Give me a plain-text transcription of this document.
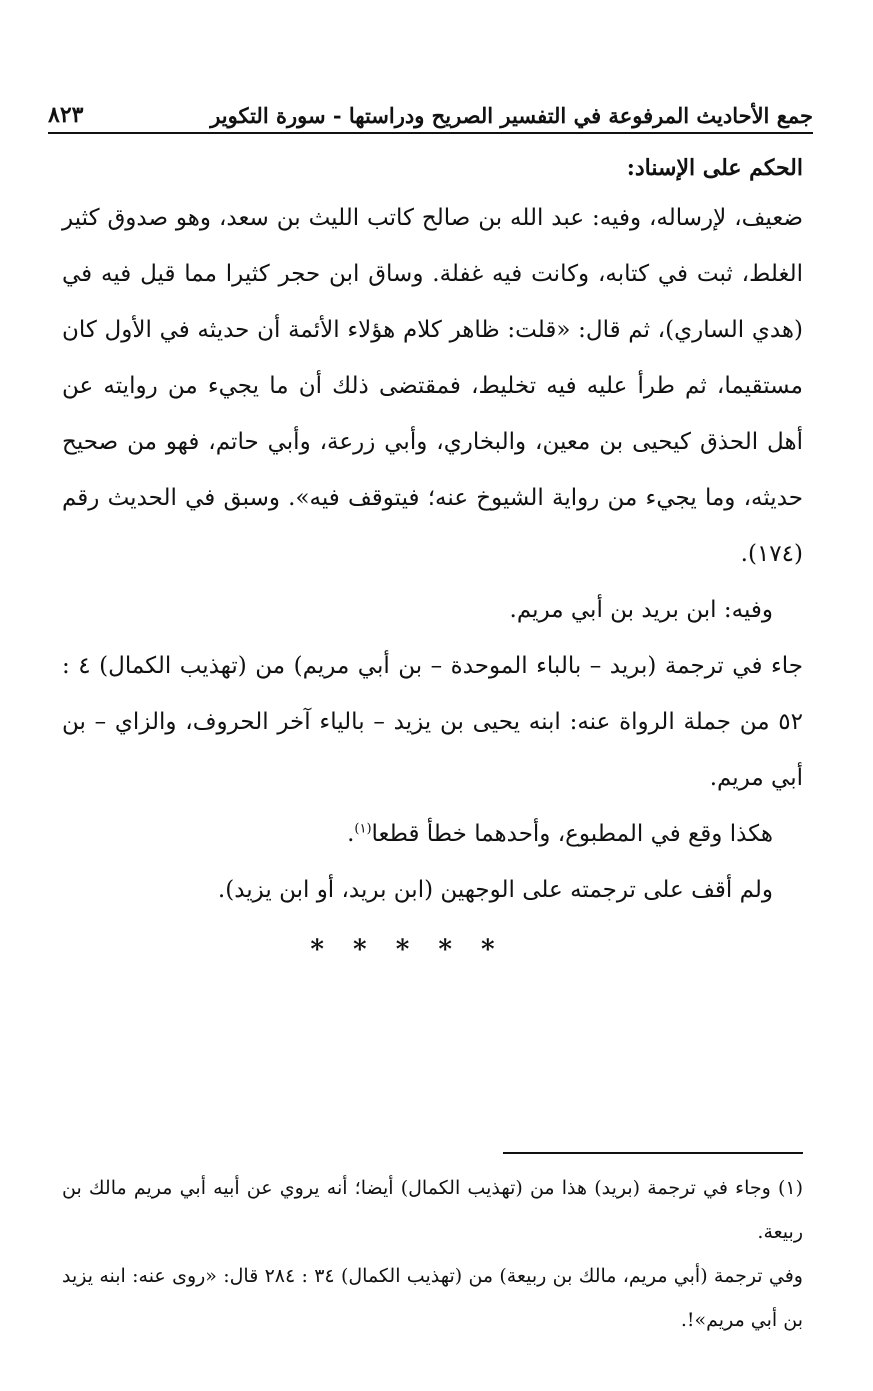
جمع الأحاديث المرفوعة في التفسير الصريح ودراستها - سورة التكوير
٨٢٣

الحكم على الإسناد:

ضعيف، لإرساله، وفيه: عبد الله بن صالح كاتب الليث بن سعد، وهو صدوق كثير الغلط، ثبت في كتابه، وكانت فيه غفلة. وساق ابن حجر كثيرا مما قيل فيه في (هدي الساري)، ثم قال: «قلت: ظاهر كلام هؤلاء الأئمة أن حديثه في الأول كان مستقيما، ثم طرأ عليه فيه تخليط، فمقتضى ذلك أن ما يجيء من روايته عن أهل الحذق كيحيى بن معين، والبخاري، وأبي زرعة، وأبي حاتم، فهو من صحيح حديثه، وما يجيء من رواية الشيوخ عنه؛ فيتوقف فيه». وسبق في الحديث رقم (١٧٤).

وفيه: ابن بريد بن أبي مريم.

جاء في ترجمة (بريد – بالباء الموحدة – بن أبي مريم) من (تهذيب الكمال) ٤ : ٥٢ من جملة الرواة عنه: ابنه يحيى بن يزيد – بالياء آخر الحروف، والزاي – بن أبي مريم.

هكذا وقع في المطبوع، وأحدهما خطأ قطعا$^{(١)}$.

ولم أقف على ترجمته على الوجهين (ابن بريد، أو ابن يزيد).

* * * * *

(١) وجاء في ترجمة (بريد) هذا من (تهذيب الكمال) أيضا؛ أنه يروي عن أبيه أبي مريم مالك بن ربيعة.

وفي ترجمة (أبي مريم، مالك بن ربيعة) من (تهذيب الكمال) ٣٤ : ٢٨٤ قال: «روى عنه: ابنه يزيد بن أبي مريم»!.
